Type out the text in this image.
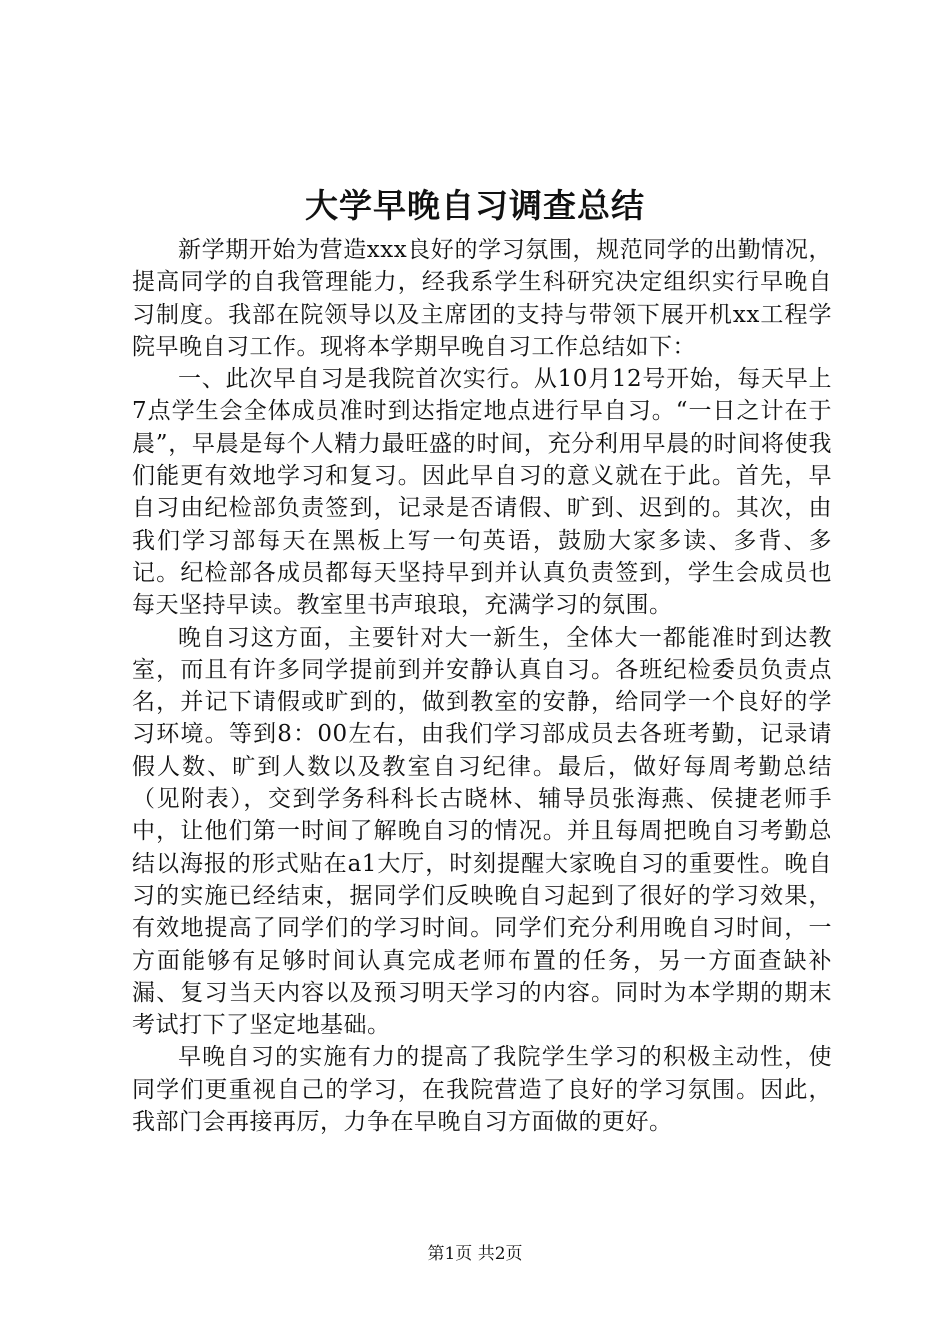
大学早晚自习调查总结

新学期开始为营造xxx良好的学习氛围，规范同学的出勤情况，提高同学的自我管理能力，经我系学生科研究决定组织实行早晚自习制度。我部在院领导以及主席团的支持与带领下展开机xx工程学院早晚自习工作。现将本学期早晚自习工作总结如下：

一、此次早自习是我院首次实行。从10月12号开始，每天早上7点学生会全体成员准时到达指定地点进行早自习。“一日之计在于晨”，早晨是每个人精力最旺盛的时间，充分利用早晨的时间将使我们能更有效地学习和复习。因此早自习的意义就在于此。首先，早自习由纪检部负责签到，记录是否请假、旷到、迟到的。其次，由我们学习部每天在黑板上写一句英语，鼓励大家多读、多背、多记。纪检部各成员都每天坚持早到并认真负责签到，学生会成员也每天坚持早读。教室里书声琅琅，充满学习的氛围。

晚自习这方面，主要针对大一新生，全体大一都能准时到达教室，而且有许多同学提前到并安静认真自习。各班纪检委员负责点名，并记下请假或旷到的，做到教室的安静，给同学一个良好的学习环境。等到8：00左右，由我们学习部成员去各班考勤，记录请假人数、旷到人数以及教室自习纪律。最后，做好每周考勤总结（见附表），交到学务科科长古晓林、辅导员张海燕、侯捷老师手中，让他们第一时间了解晚自习的情况。并且每周把晚自习考勤总结以海报的形式贴在a1大厅，时刻提醒大家晚自习的重要性。晚自习的实施已经结束，据同学们反映晚自习起到了很好的学习效果，有效地提高了同学们的学习时间。同学们充分利用晚自习时间，一方面能够有足够时间认真完成老师布置的任务，另一方面查缺补漏、复习当天内容以及预习明天学习的内容。同时为本学期的期末考试打下了坚定地基础。

早晚自习的实施有力的提高了我院学生学习的积极主动性，使同学们更重视自己的学习，在我院营造了良好的学习氛围。因此，我部门会再接再厉，力争在早晚自习方面做的更好。

第1页 共2页
